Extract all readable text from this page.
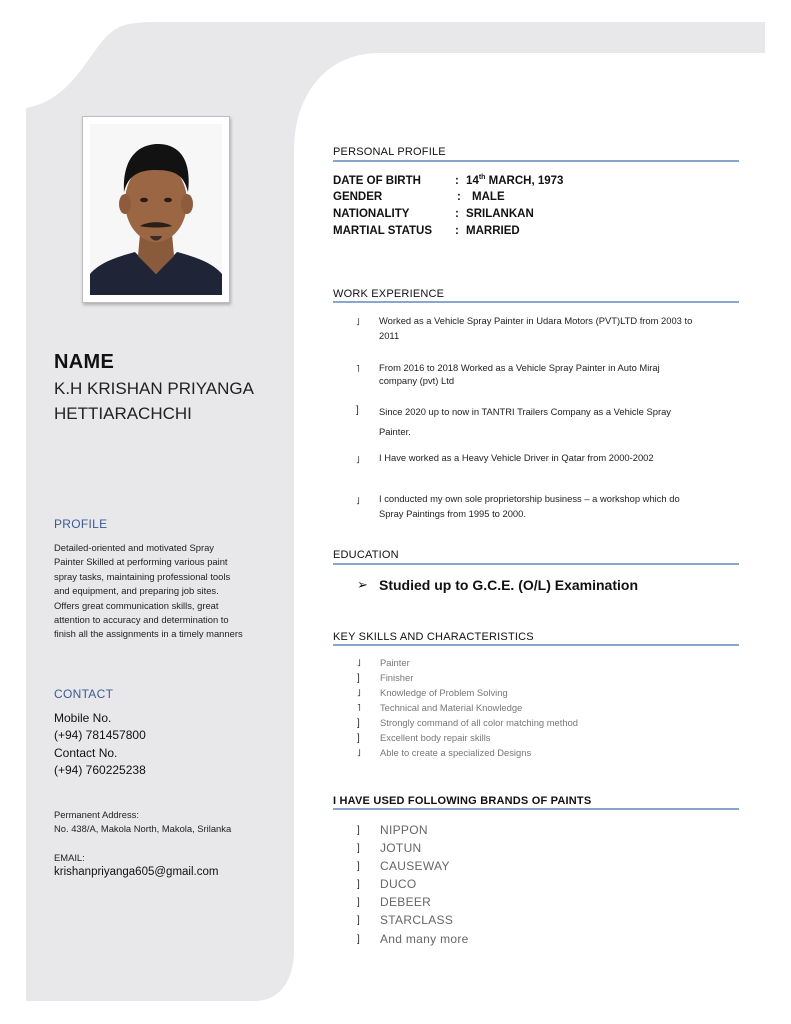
NAME
K.H KRISHAN PRIYANGA
HETTIARACHCHI
PROFILE
Detailed-oriented and motivated Spray
Painter Skilled at performing various paint
spray tasks, maintaining professional tools
and equipment, and preparing job sites.
Offers great communication skills, great
attention to accuracy and determination to
finish all the assignments in a timely manners
CONTACT
Mobile No.
(+94) 781457800
Contact No.
(+94) 760225238
Permanent Address:
No. 438/A, Makola North, Makola, Srilanka
EMAIL:
krishanpriyanga605@gmail.com
PERSONAL PROFILE
DATE OF BIRTH	: 14th MARCH, 1973
GENDER	: MALE
NATIONALITY	: SRILANKAN
MARTIAL STATUS : MARRIED
WORK EXPERIENCE
˩ Worked as a Vehicle Spray Painter in Udara Motors (PVT)LTD from 2003 to
2011
˥ From 2016 to 2018 Worked as a Vehicle Spray Painter in Auto Miraj
company (pvt) Ltd
] Since 2020 up to now in TANTRI Trailers Company as a Vehicle Spray
Painter.
˩ I Have worked as a Heavy Vehicle Driver in Qatar from 2000-2002
˩ I conducted my own sole proprietorship business – a workshop which do
Spray Paintings from 1995 to 2000.
EDUCATION
➢ Studied up to G.C.E. (O/L) Examination
KEY SKILLS AND CHARACTERISTICS
˩ Painter
] Finisher
˩ Knowledge of Problem Solving
˥ Technical and Material Knowledge
] Strongly command of all color matching method
] Excellent body repair skills
˩ Able to create a specialized Designs
I HAVE USED FOLLOWING BRANDS OF PAINTS
] NIPPON
] JOTUN
] CAUSEWAY
] DUCO
] DEBEER
] STARCLASS
] And many more
